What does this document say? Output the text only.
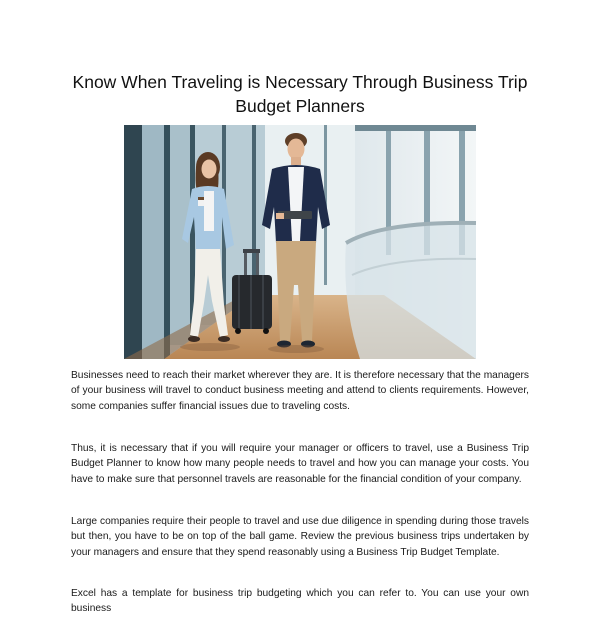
Know When Traveling is Necessary Through Business Trip Budget Planners

Businesses need to reach their market wherever they are. It is therefore necessary that the managers of your business will travel to conduct business meeting and attend to clients requirements. However, some companies suffer financial issues due to traveling costs.

Thus, it is necessary that if you will require your manager or officers to travel, use a Business Trip Budget Planner to know how many people needs to travel and how you can manage your costs. You have to make sure that personnel travels are reasonable for the financial condition of your company.

Large companies require their people to travel and use due diligence in spending during those travels but then, you have to be on top of the ball game. Review the previous business trips undertaken by your managers and ensure that they spend reasonably using a Business Trip Budget Template.

Excel has a template for business trip budgeting which you can refer to. You can use your own business
